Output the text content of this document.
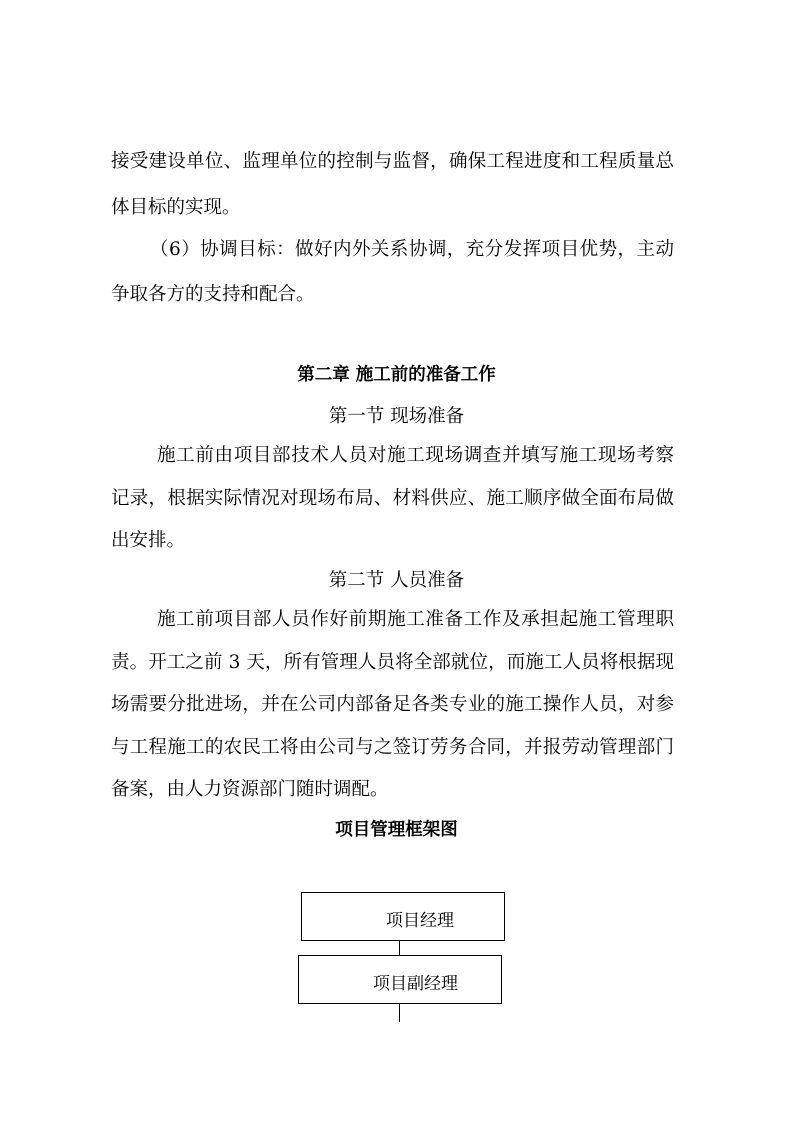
接受建设单位、监理单位的控制与监督，确保工程进度和工程质量总
体目标的实现。
（6）协调目标：做好内外关系协调，充分发挥项目优势，主动
争取各方的支持和配合。
第二章 施工前的准备工作
第一节 现场准备
施工前由项目部技术人员对施工现场调查并填写施工现场考察
记录，根据实际情况对现场布局、材料供应、施工顺序做全面布局做
出安排。
第二节 人员准备
施工前项目部人员作好前期施工准备工作及承担起施工管理职
责。开工之前 3 天，所有管理人员将全部就位，而施工人员将根据现
场需要分批进场，并在公司内部备足各类专业的施工操作人员，对参
与工程施工的农民工将由公司与之签订劳务合同，并报劳动管理部门
备案，由人力资源部门随时调配。
项目管理框架图
项目经理
项目副经理
